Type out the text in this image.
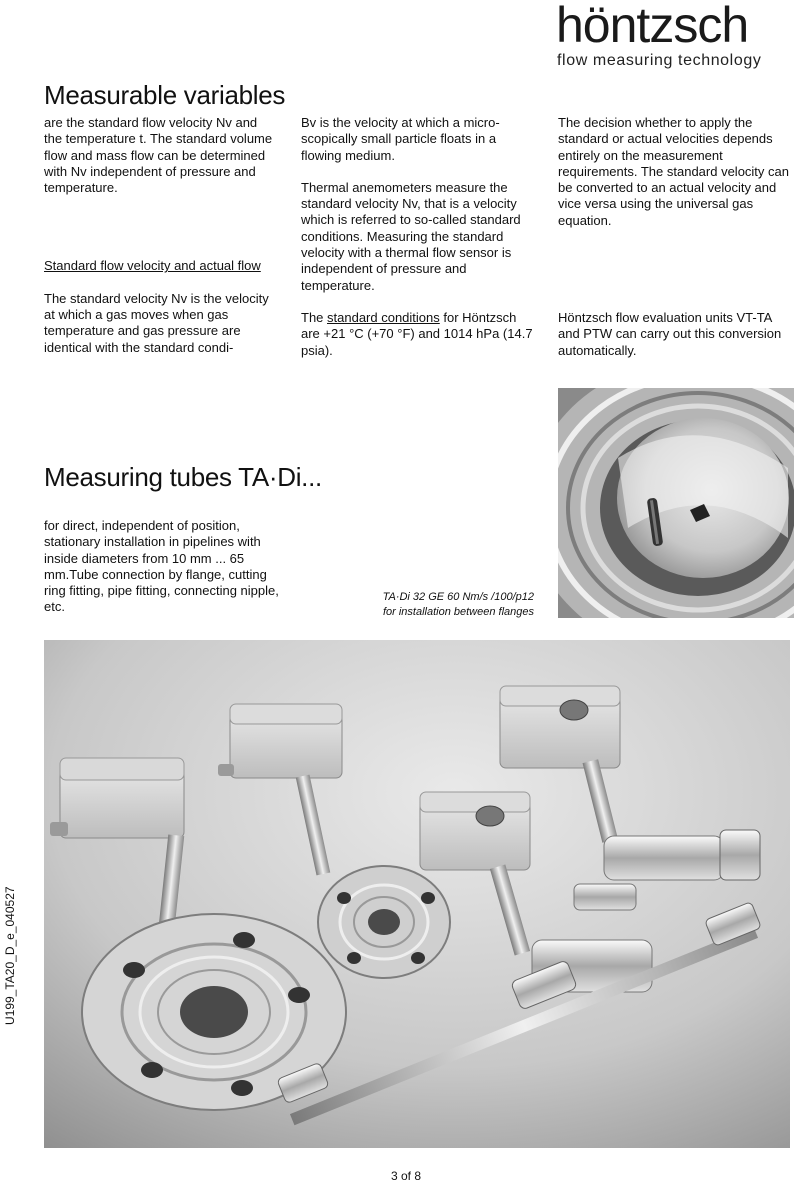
höntzsch
flow measuring technology
Measurable variables

are the standard flow velocity Nv and the temperature t. The standard volume flow and mass flow can be determined with Nv independent of pressure and temperature.

Standard flow velocity and actual flow

The standard velocity Nv is the velocity at which a gas moves when gas temperature and gas pressure are identical with the standard condi-

Bv is the velocity at which a micro-scopically small particle floats in a flowing medium.

Thermal anemometers measure the standard velocity Nv, that is a velocity which is referred to so-called standard conditions. Measuring the standard velocity with a thermal flow sensor is independent of pressure and temperature.

The standard conditions for Höntzsch are +21 °C (+70 °F) and 1014 hPa (14.7 psia).

The decision whether to apply the standard or actual velocities depends entirely on the measurement requirements. The standard velocity can be converted to an actual velocity and vice versa using the universal gas equation.

Höntzsch flow evaluation units VT-TA and PTW can carry out this conversion automatically.

Measuring tubes TA·Di...
for direct, independent of position, stationary installation in pipelines with inside diameters from 10 mm ... 65 mm.Tube connection by flange, cutting ring fitting, pipe fitting, connecting nipple, etc.
TA·Di 32 GE 60 Nm/s /100/p12
for installation between flanges
U199_TA20_D_e_040527
3 of 8
